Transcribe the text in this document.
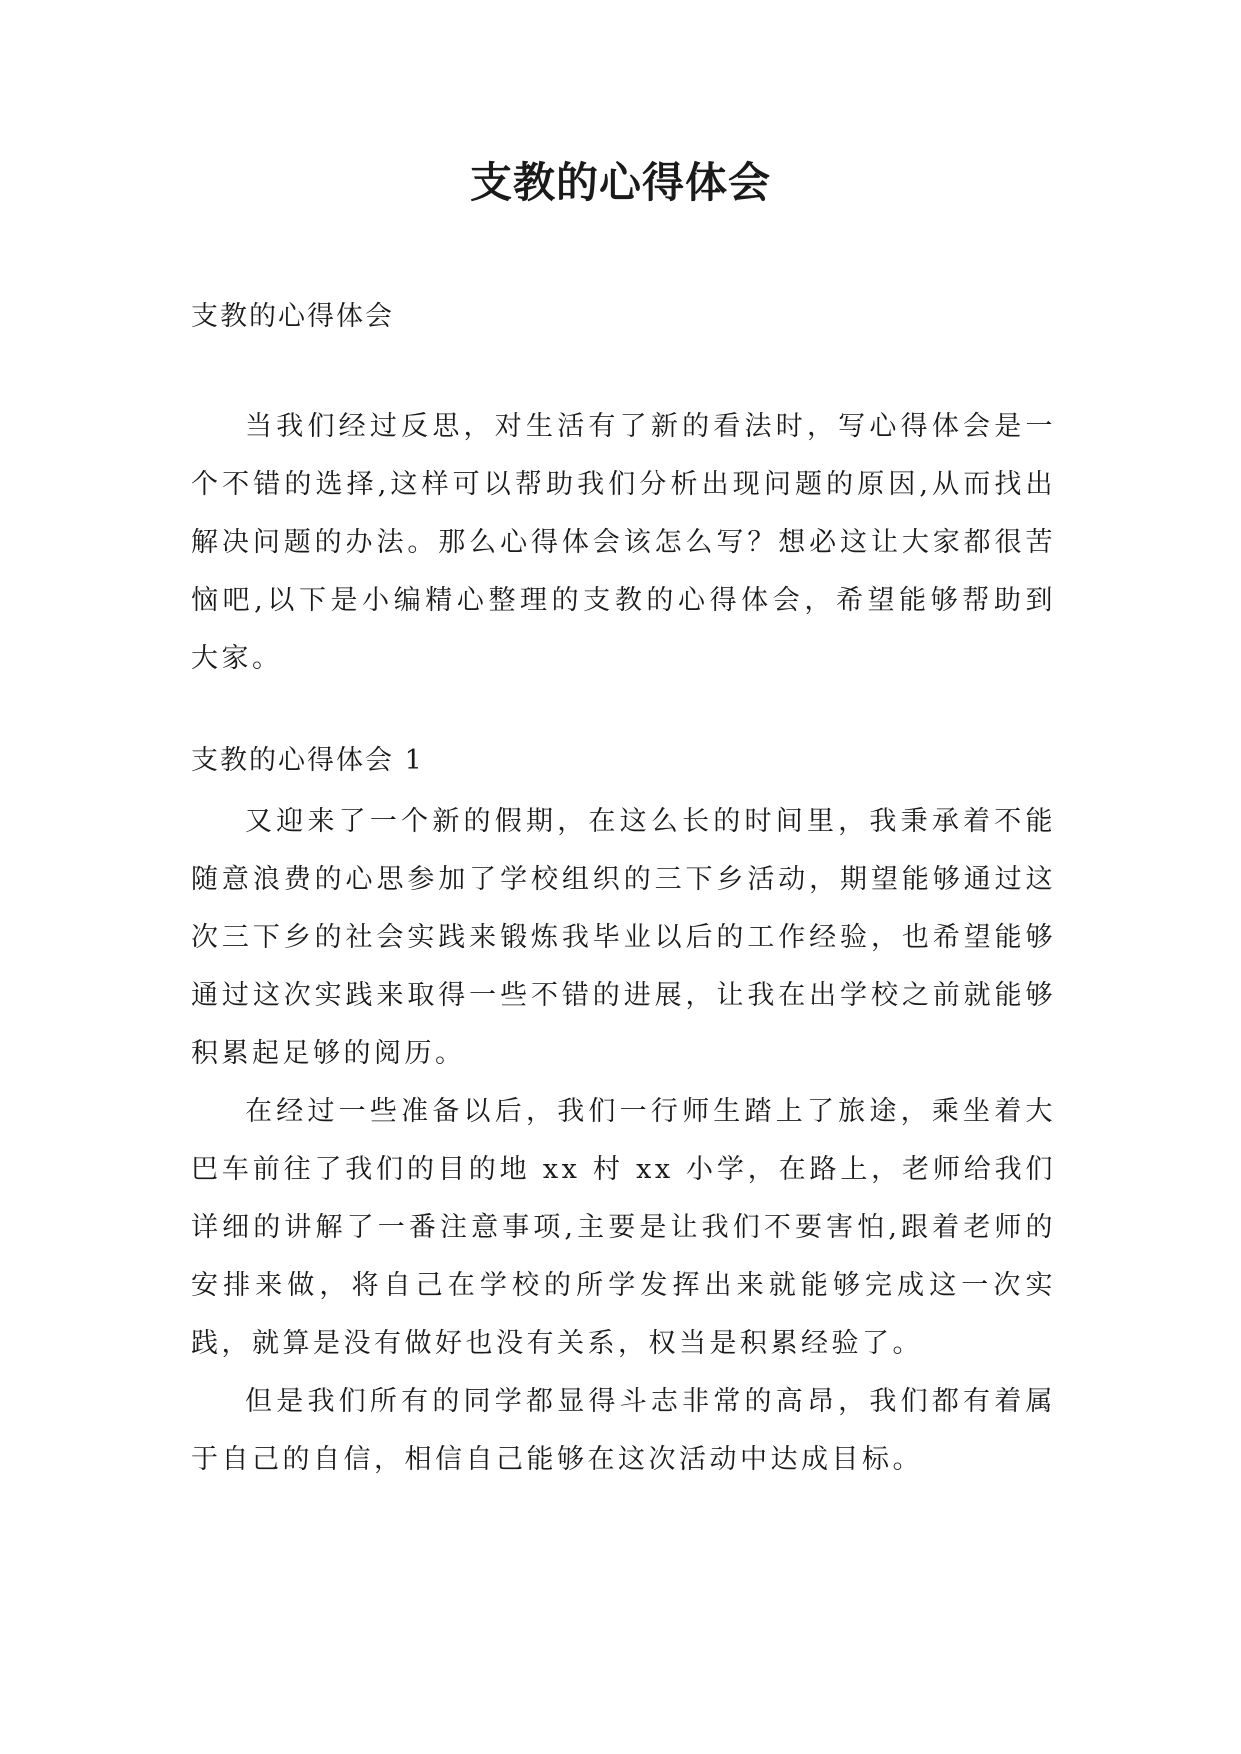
支教的心得体会

支教的心得体会

当我们经过反思，对生活有了新的看法时，写心得体会是一个不错的选择,这样可以帮助我们分析出现问题的原因,从而找出解决问题的办法。那么心得体会该怎么写？想必这让大家都很苦恼吧,以下是小编精心整理的支教的心得体会，希望能够帮助到大家。

支教的心得体会 1

又迎来了一个新的假期，在这么长的时间里，我秉承着不能随意浪费的心思参加了学校组织的三下乡活动，期望能够通过这次三下乡的社会实践来锻炼我毕业以后的工作经验，也希望能够通过这次实践来取得一些不错的进展，让我在出学校之前就能够积累起足够的阅历。

在经过一些准备以后，我们一行师生踏上了旅途，乘坐着大巴车前往了我们的目的地 xx 村 xx 小学，在路上，老师给我们详细的讲解了一番注意事项,主要是让我们不要害怕,跟着老师的安排来做，将自己在学校的所学发挥出来就能够完成这一次实践，就算是没有做好也没有关系，权当是积累经验了。

但是我们所有的同学都显得斗志非常的高昂，我们都有着属于自己的自信，相信自己能够在这次活动中达成目标。
